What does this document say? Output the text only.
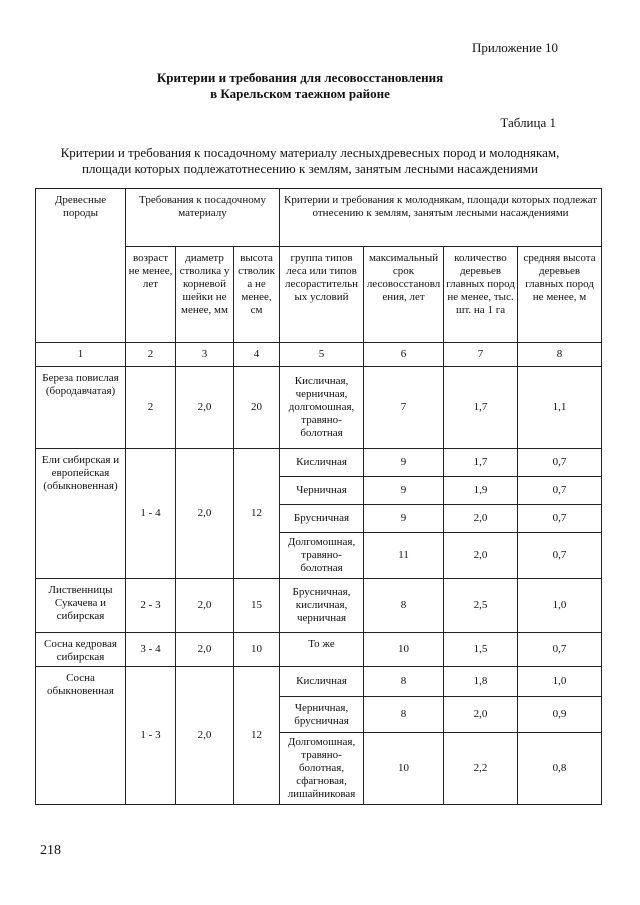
Приложение 10
Критерии и требования для лесовосстановления
в Карельском таежном районе
Таблица 1
Критерии и требования к посадочному материалу лесныхдревесных пород и молоднякам,
площади которых подлежатотнесению к землям, занятым лесными насаждениями
Древесные породы	Требования к посадочному материалу			Критерии и требования к молоднякам, площади которых подлежат отнесению к землям, занятым лесными насаждениями			
	возраст не менее, лет	диаметр стволика у корневой шейки не менее, мм	высота стволика не менее, см	группа типов леса или типов лесорастительных условий	максимальный срок лесовосстановления, лет	количество деревьев главных пород не менее, тыс. шт. на 1 га	средняя высота деревьев главных пород не менее, м
1	2	3	4	5	6	7	8
Береза повислая (бородавчатая)	2	2,0	20	Кисличная, черничная, долгомошная, травяно-болотная	7	1,7	1,1
Ели сибирская и европейская (обыкновенная)	1 - 4	2,0	12	Кисличная	9	1,7	0,7
				Черничная	9	1,9	0,7
				Брусничная	9	2,0	0,7
				Долгомошная, травяно-болотная	11	2,0	0,7
Лиственницы Сукачева и сибирская	2 - 3	2,0	15	Брусничная, кисличная, черничная	8	2,5	1,0
Сосна кедровая сибирская	3 - 4	2,0	10	То же	10	1,5	0,7
Сосна обыкновенная	1 - 3	2,0	12	Кисличная	8	1,8	1,0
				Черничная, брусничная	8	2,0	0,9
				Долгомошная, травяно-болотная, сфагновая, лишайниковая	10	2,2	0,8
218
